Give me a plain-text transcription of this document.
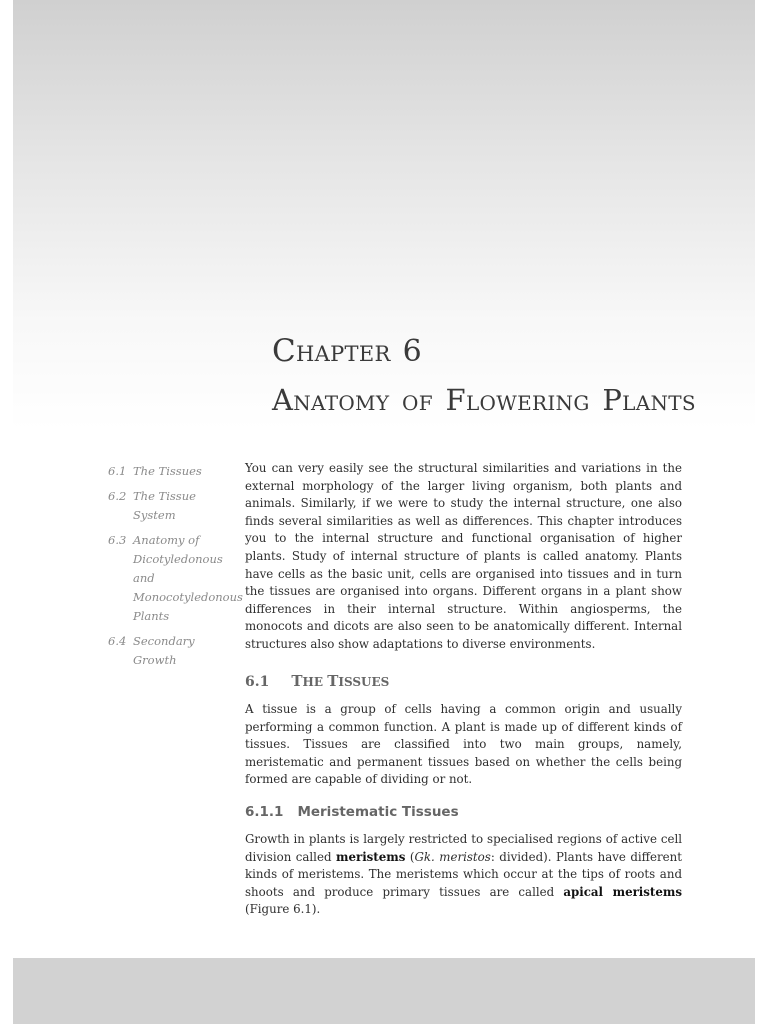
CHAPTER 6
ANATOMY OF FLOWERING PLANTS
6.1 The Tissues
6.2 The Tissue System
6.3 Anatomy of Dicotyledonous and Monocotyledonous Plants
6.4 Secondary Growth

You can very easily see the structural similarities and variations in the external morphology of the larger living organism, both plants and animals. Similarly, if we were to study the internal structure, one also finds several similarities as well as differences. This chapter introduces you to the internal structure and functional organisation of higher plants. Study of internal structure of plants is called anatomy. Plants have cells as the basic unit, cells are organised into tissues and in turn the tissues are organised into organs. Different organs in a plant show differences in their internal structure. Within angiosperms, the monocots and dicots are also seen to be anatomically different. Internal structures also show adaptations to diverse environments.

6.1 THE TISSUES

A tissue is a group of cells having a common origin and usually performing a common function. A plant is made up of different kinds of tissues. Tissues are classified into two main groups, namely, meristematic and permanent tissues based on whether the cells being formed are capable of dividing or not.

6.1.1 Meristematic Tissues

Growth in plants is largely restricted to specialised regions of active cell division called meristems (Gk. meristos: divided). Plants have different kinds of meristems. The meristems which occur at the tips of roots and shoots and produce primary tissues are called apical meristems (Figure 6.1).
